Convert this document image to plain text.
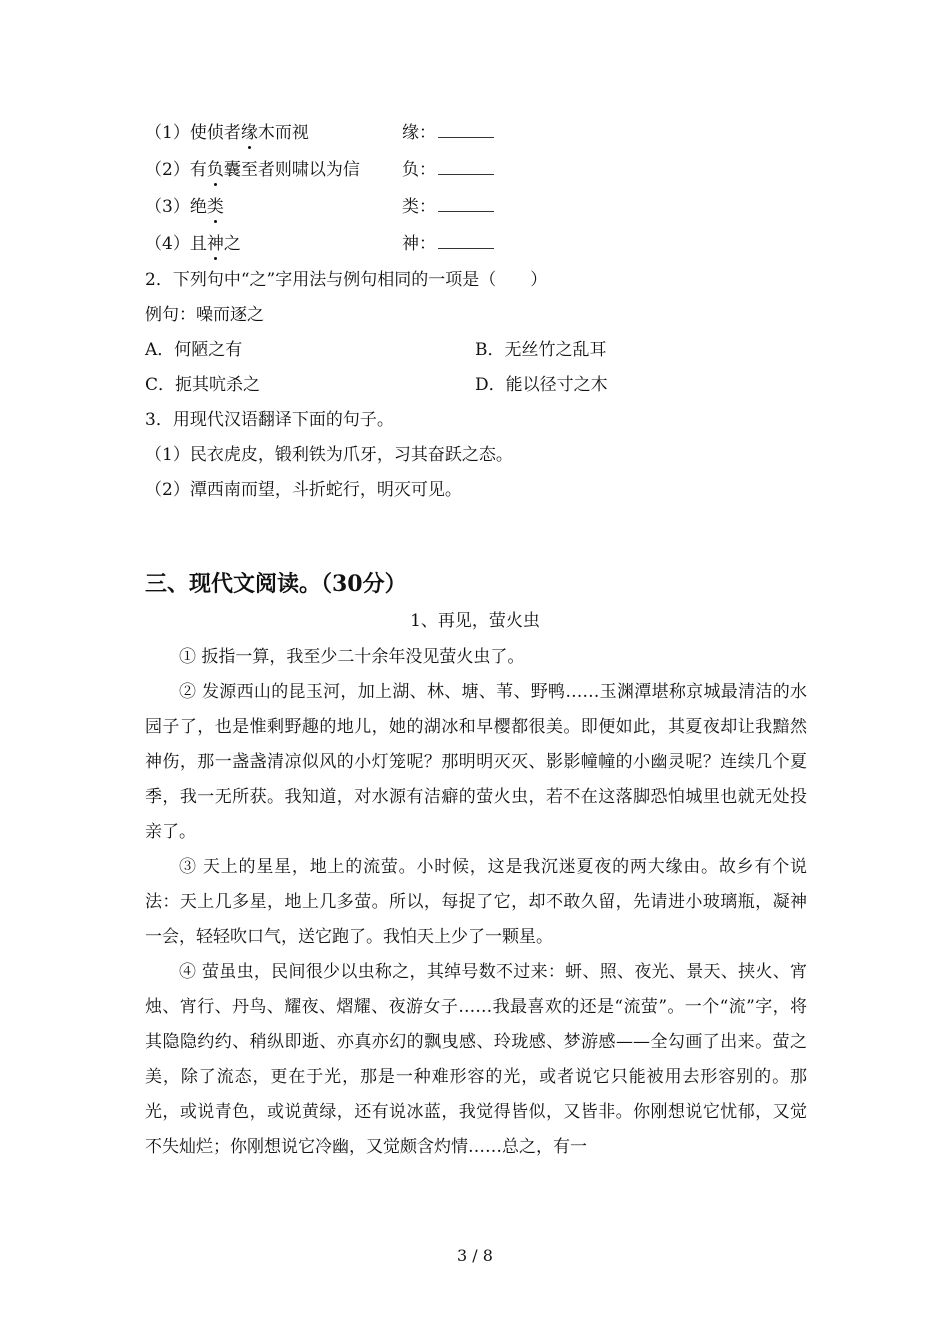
（1）使侦者缘木而视	缘：
（2）有负囊至者则啸以为信 负：
（3）绝类	类：
（4）且神之	神：
2．下列句中“之”字用法与例句相同的一项是（　　）
例句：噪而逐之
A．何陋之有	B．无丝竹之乱耳
C．扼其吭杀之	D．能以径寸之木
3．用现代汉语翻译下面的句子。
（1）民衣虎皮，锻利铁为爪牙，习其奋跃之态。
（2）潭西南而望，斗折蛇行，明灭可见。
三、现代文阅读。（30分）
1、再见，萤火虫
① 扳指一算，我至少二十余年没见萤火虫了。
② 发源西山的昆玉河，加上湖、林、塘、苇、野鸭……玉渊潭堪称京城最清洁的水园子了，也是惟剩野趣的地儿，她的湖冰和早樱都很美。即便如此，其夏夜却让我黯然神伤，那一盏盏清凉似风的小灯笼呢？那明明灭灭、影影幢幢的小幽灵呢？连续几个夏季，我一无所获。我知道，对水源有洁癖的萤火虫，若不在这落脚恐怕城里也就无处投亲了。
③ 天上的星星，地上的流萤。小时候，这是我沉迷夏夜的两大缘由。故乡有个说法：天上几多星，地上几多萤。所以，每捉了它，却不敢久留，先请进小玻璃瓶，凝神一会，轻轻吹口气，送它跑了。我怕天上少了一颗星。
④ 萤虽虫，民间很少以虫称之，其绰号数不过来：蚈、照、夜光、景天、挟火、宵烛、宵行、丹鸟、耀夜、熠耀、夜游女子……我最喜欢的还是“流萤”。一个“流”字，将其隐隐约约、稍纵即逝、亦真亦幻的飘曳感、玲珑感、梦游感——全勾画了出来。萤之美，除了流态，更在于光，那是一种难形容的光，或者说它只能被用去形容别的。那光，或说青色，或说黄绿，还有说冰蓝，我觉得皆似，又皆非。你刚想说它忧郁，又觉不失灿烂；你刚想说它冷幽，又觉颇含灼情……总之，有一
3 / 8
